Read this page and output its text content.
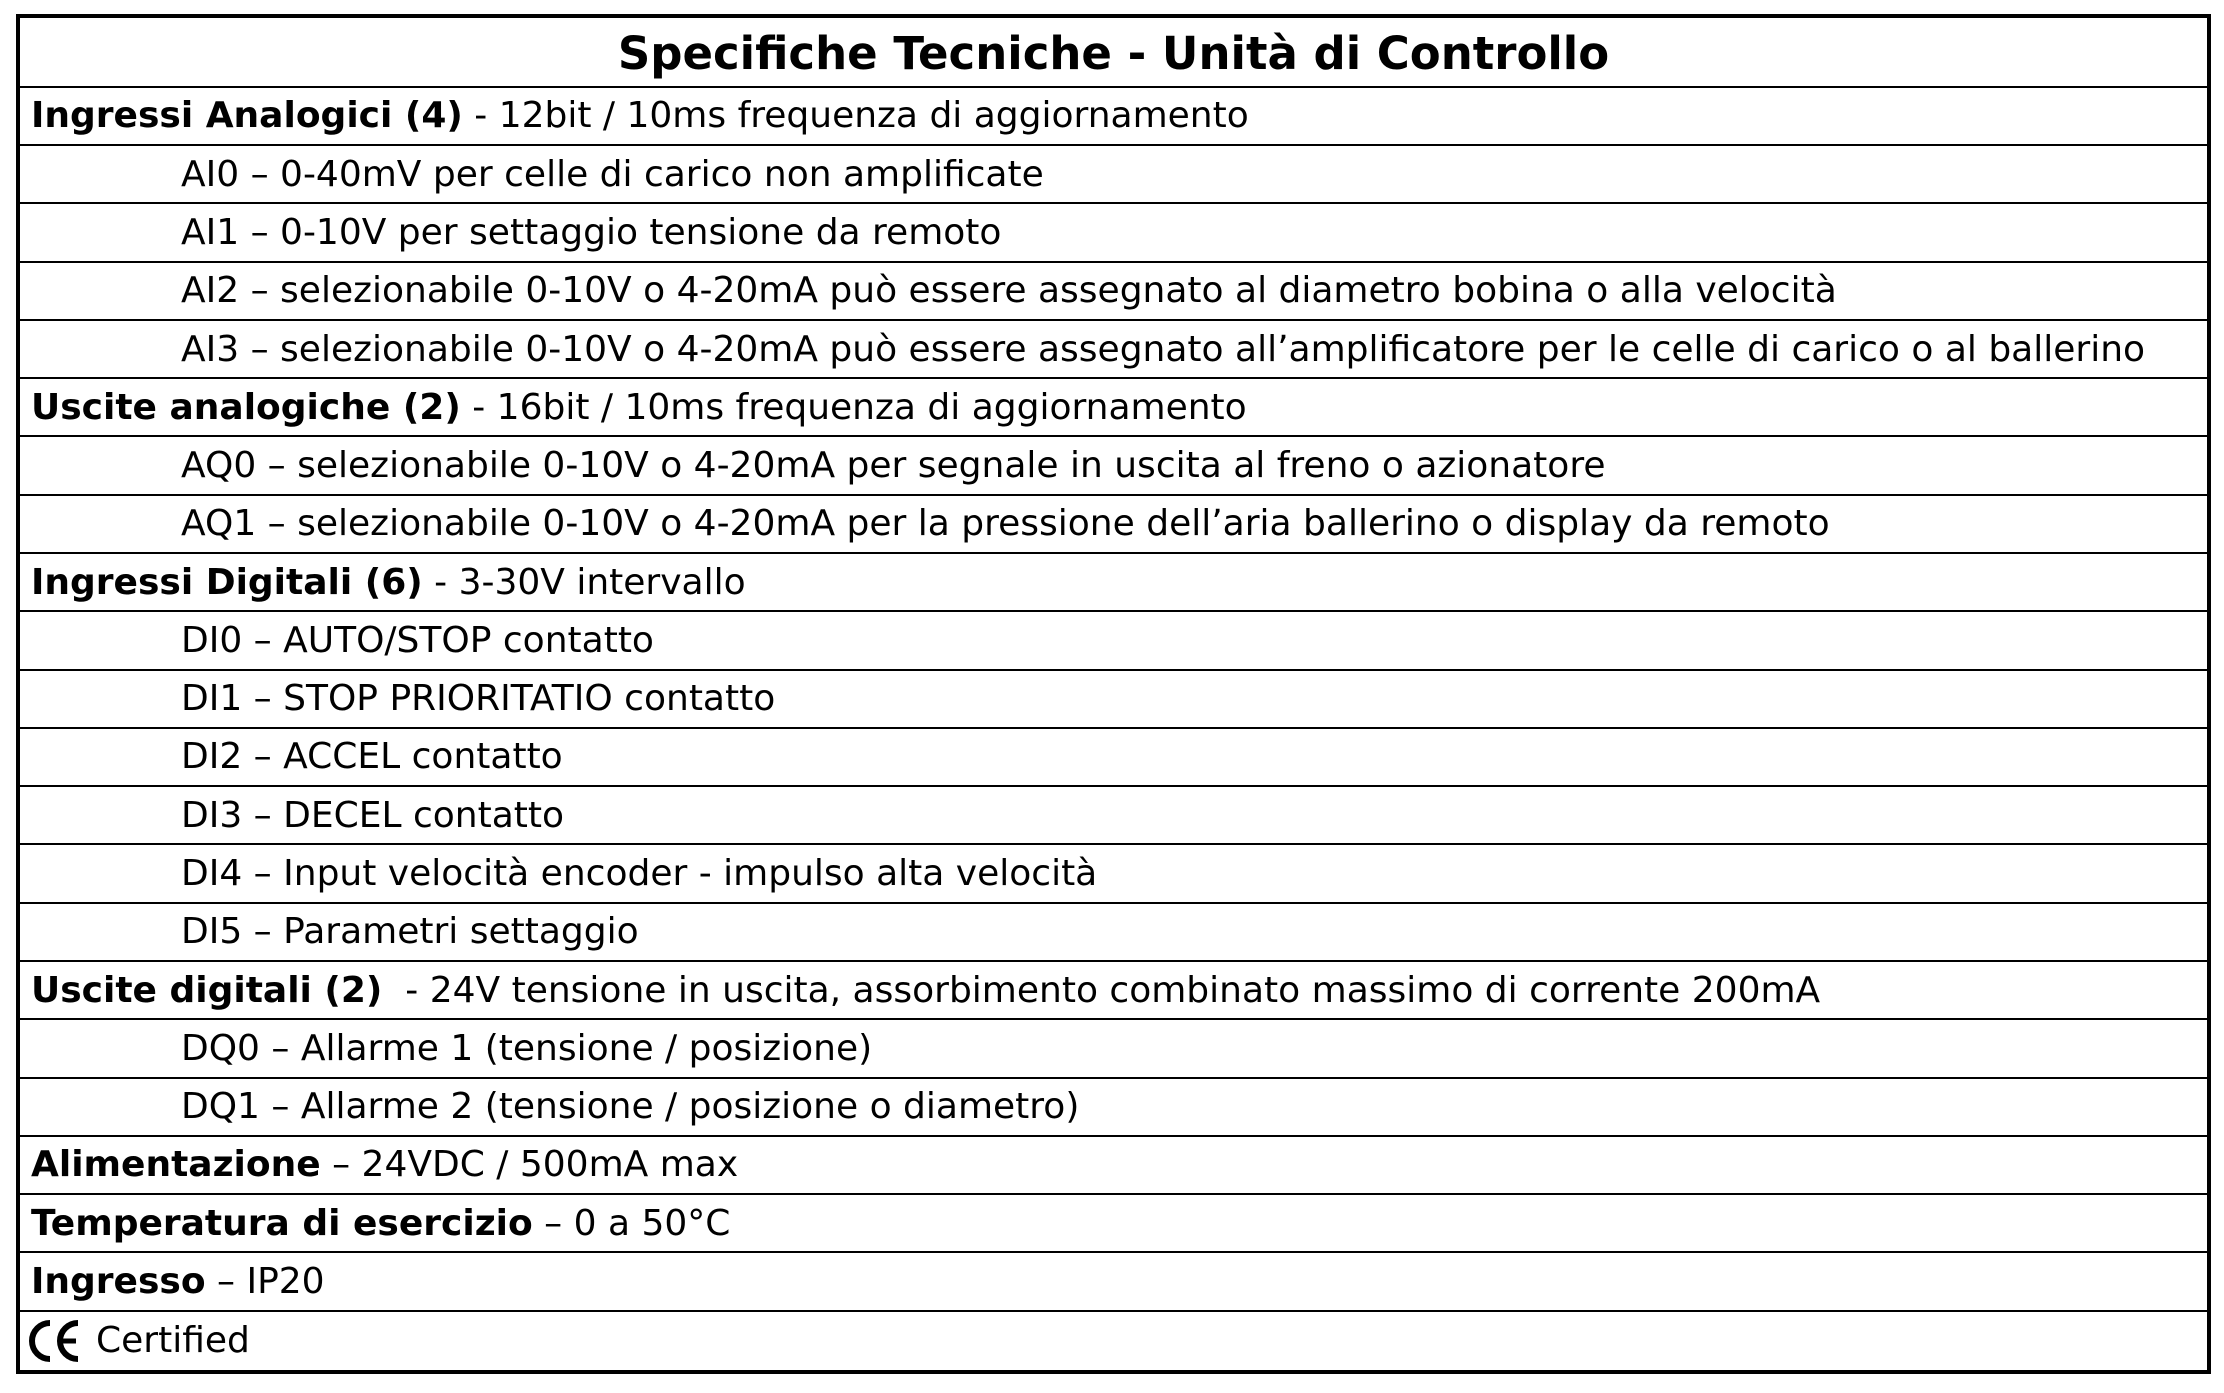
Specifiche Tecniche - Unità di Controllo
Ingressi Analogici (4) - 12bit / 10ms frequenza di aggiornamento
AI0 – 0-40mV per celle di carico non amplificate
AI1 – 0-10V per settaggio tensione da remoto
AI2 – selezionabile 0-10V o 4-20mA può essere assegnato al diametro bobina o alla velocità
AI3 – selezionabile 0-10V o 4-20mA può essere assegnato all’amplificatore per le celle di carico o al ballerino
Uscite analogiche (2) - 16bit / 10ms frequenza di aggiornamento
AQ0 – selezionabile 0-10V o 4-20mA per segnale in uscita al freno o azionatore
AQ1 – selezionabile 0-10V o 4-20mA per la pressione dell’aria ballerino o display da remoto
Ingressi Digitali (6) - 3-30V intervallo
DI0 – AUTO/STOP contatto
DI1 – STOP PRIORITATIO contatto
DI2 – ACCEL contatto
DI3 – DECEL contatto
DI4 – Input velocità encoder - impulso alta velocità
DI5 – Parametri settaggio
Uscite digitali (2) - 24V tensione in uscita, assorbimento combinato massimo di corrente 200mA
DQ0 – Allarme 1 (tensione / posizione)
DQ1 – Allarme 2 (tensione / posizione o diametro)
Alimentazione – 24VDC / 500mA max
Temperatura di esercizio – 0 a 50°C
Ingresso – IP20
Certified
